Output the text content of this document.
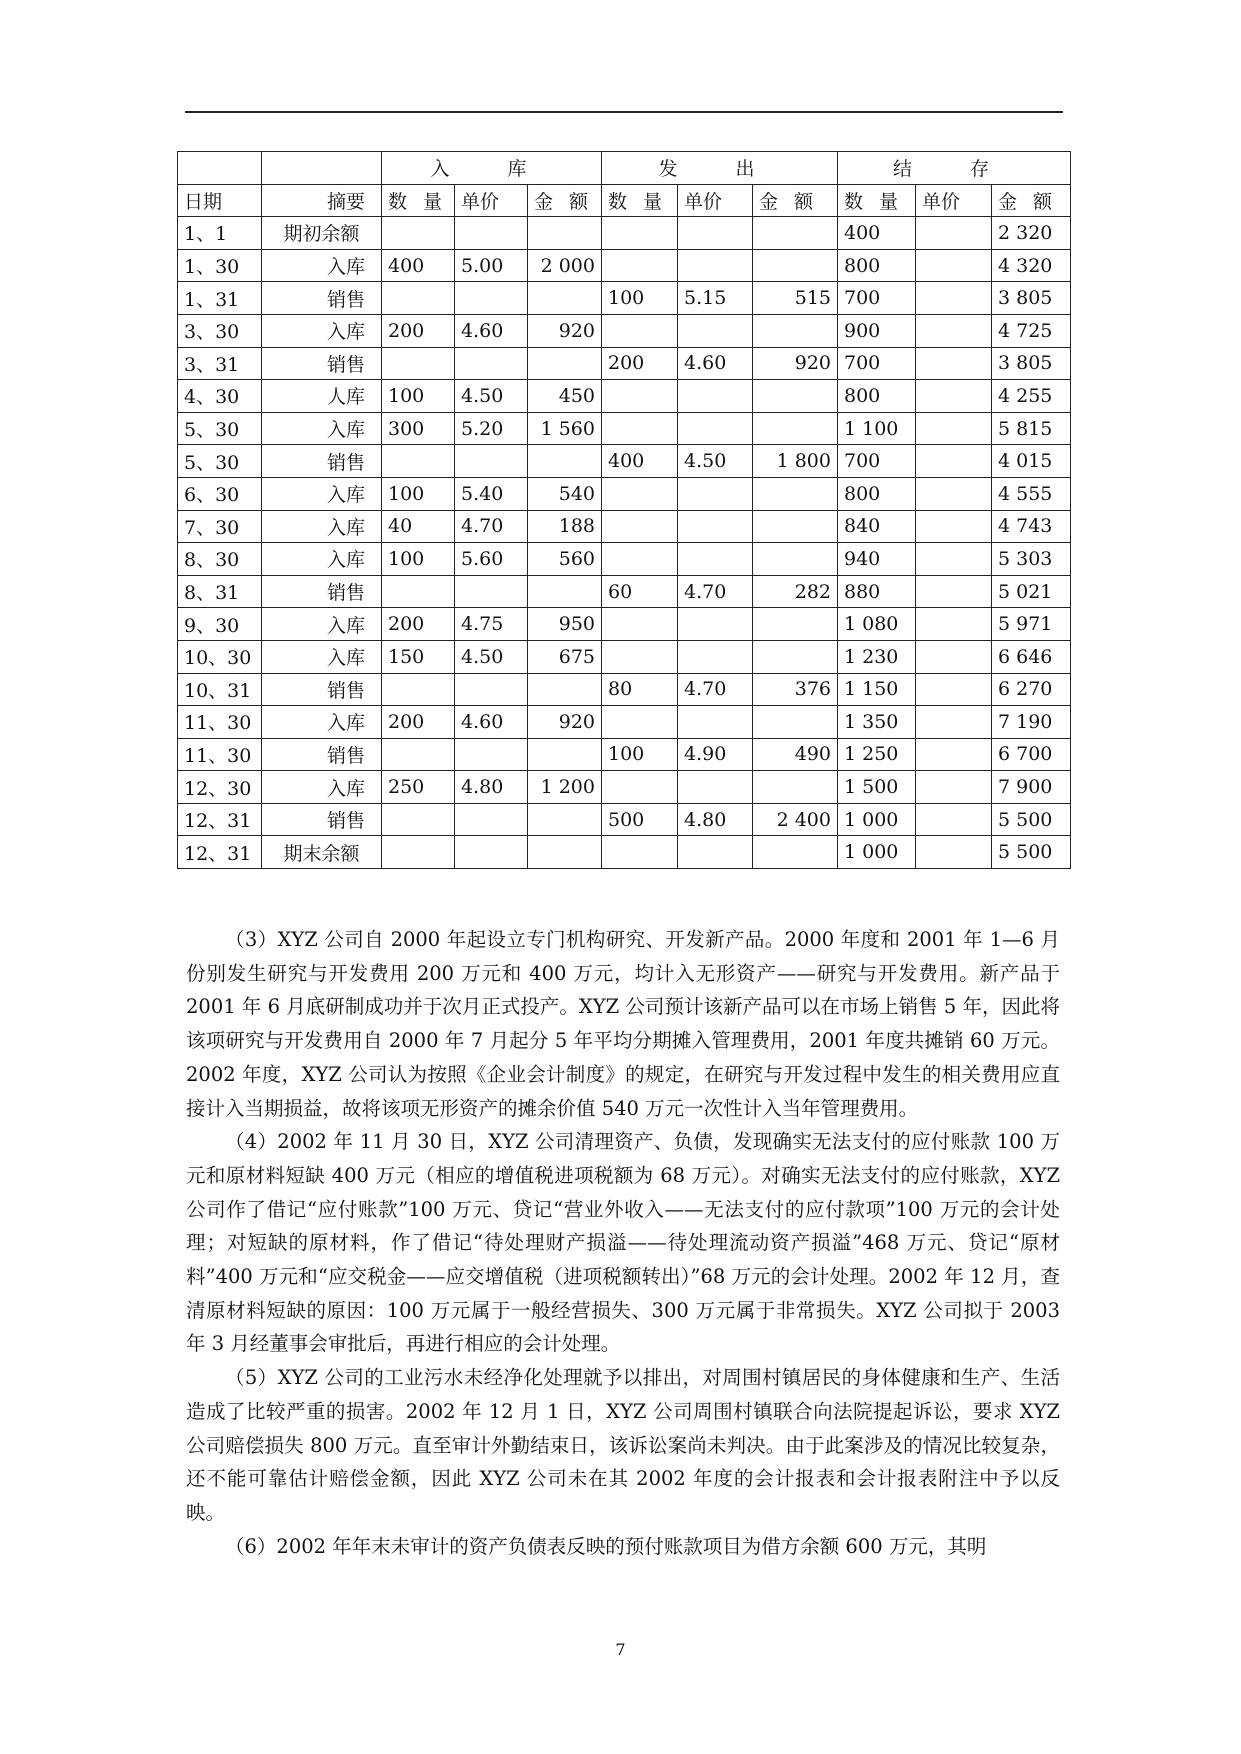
		入 库			发 出			结 存		
日期	摘要	数 量	单价	金 额	数 量	单价	金 额	数 量	单价	金 额
1、1	期初余额							400		2 320
1、30	入库	400	5.00	2 000				800		4 320
1、31	销售				100	5.15	515	700		3 805
3、30	入库	200	4.60	920				900		4 725
3、31	销售				200	4.60	920	700		3 805
4、30	人库	100	4.50	450				800		4 255
5、30	入库	300	5.20	1 560				1 100		5 815
5、30	销售				400	4.50	1 800	700		4 015
6、30	入库	100	5.40	540				800		4 555
7、30	入库	40	4.70	188				840		4 743
8、30	入库	100	5.60	560				940		5 303
8、31	销售				60	4.70	282	880		5 021
9、30	入库	200	4.75	950				1 080		5 971
10、30	入库	150	4.50	675				1 230		6 646
10、31	销售				80	4.70	376	1 150		6 270
11、30	入库	200	4.60	920				1 350		7 190
11、30	销售				100	4.90	490	1 250		6 700
12、30	入库	250	4.80	1 200				1 500		7 900
12、31	销售				500	4.80	2 400	1 000		5 500
12、31	期末余额							1 000		5 500

（3）XYZ 公司自 2000 年起设立专门机构研究、开发新产品。2000 年度和 2001 年 1—6 月份别发生研究与开发费用 200 万元和 400 万元，均计入无形资产——研究与开发费用。新产品于 2001 年 6 月底研制成功并于次月正式投产。XYZ 公司预计该新产品可以在市场上销售 5 年，因此将该项研究与开发费用自 2000 年 7 月起分 5 年平均分期摊入管理费用，2001 年度共摊销 60 万元。2002 年度，XYZ 公司认为按照《企业会计制度》的规定，在研究与开发过程中发生的相关费用应直接计入当期损益，故将该项无形资产的摊余价值 540 万元一次性计入当年管理费用。

（4）2002 年 11 月 30 日，XYZ 公司清理资产、负债，发现确实无法支付的应付账款 100 万元和原材料短缺 400 万元（相应的增值税进项税额为 68 万元）。对确实无法支付的应付账款，XYZ 公司作了借记“应付账款”100 万元、贷记“营业外收入——无法支付的应付款项”100 万元的会计处理；对短缺的原材料，作了借记“待处理财产损溢——待处理流动资产损溢”468 万元、贷记“原材料”400 万元和“应交税金——应交增值税（进项税额转出）”68 万元的会计处理。2002 年 12 月，查清原材料短缺的原因：100 万元属于一般经营损失、300 万元属于非常损失。XYZ 公司拟于 2003 年 3 月经董事会审批后，再进行相应的会计处理。

（5）XYZ 公司的工业污水未经净化处理就予以排出，对周围村镇居民的身体健康和生产、生活造成了比较严重的损害。2002 年 12 月 1 日，XYZ 公司周围村镇联合向法院提起诉讼，要求 XYZ 公司赔偿损失 800 万元。直至审计外勤结束日，该诉讼案尚未判决。由于此案涉及的情况比较复杂，还不能可靠估计赔偿金额，因此 XYZ 公司未在其 2002 年度的会计报表和会计报表附注中予以反映。

（6）2002 年年末未审计的资产负债表反映的预付账款项目为借方余额 600 万元，其明

7
